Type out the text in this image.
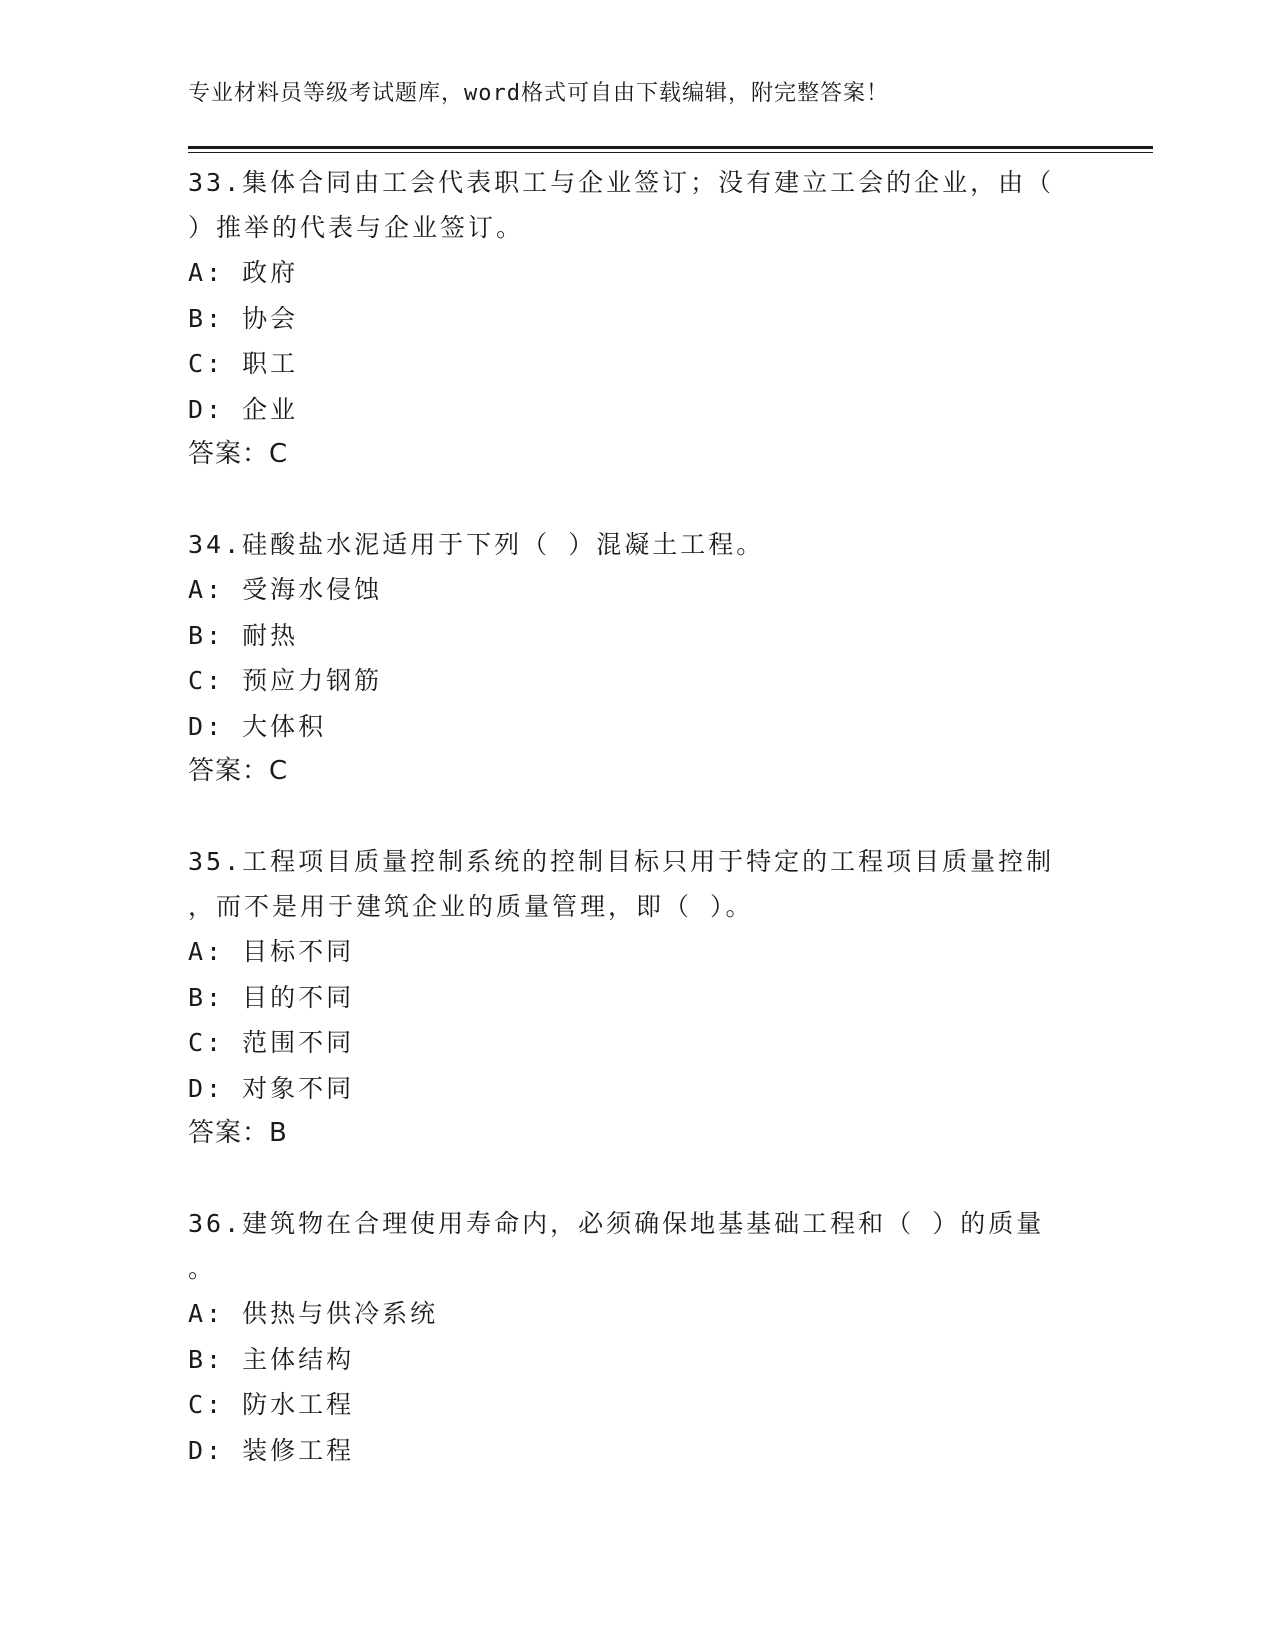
专业材料员等级考试题库，word格式可自由下载编辑，附完整答案！

33.集体合同由工会代表职工与企业签订；没有建立工会的企业，由（

）推举的代表与企业签订。

A: 政府

B: 协会

C: 职工

D: 企业

答案：C

34.硅酸盐水泥适用于下列（ ）混凝土工程。

A: 受海水侵蚀

B: 耐热

C: 预应力钢筋

D: 大体积

答案：C

35.工程项目质量控制系统的控制目标只用于特定的工程项目质量控制

，而不是用于建筑企业的质量管理，即（ ）。

A: 目标不同

B: 目的不同

C: 范围不同

D: 对象不同

答案：B

36.建筑物在合理使用寿命内，必须确保地基基础工程和（ ）的质量

。

A: 供热与供冷系统

B: 主体结构

C: 防水工程

D: 装修工程
